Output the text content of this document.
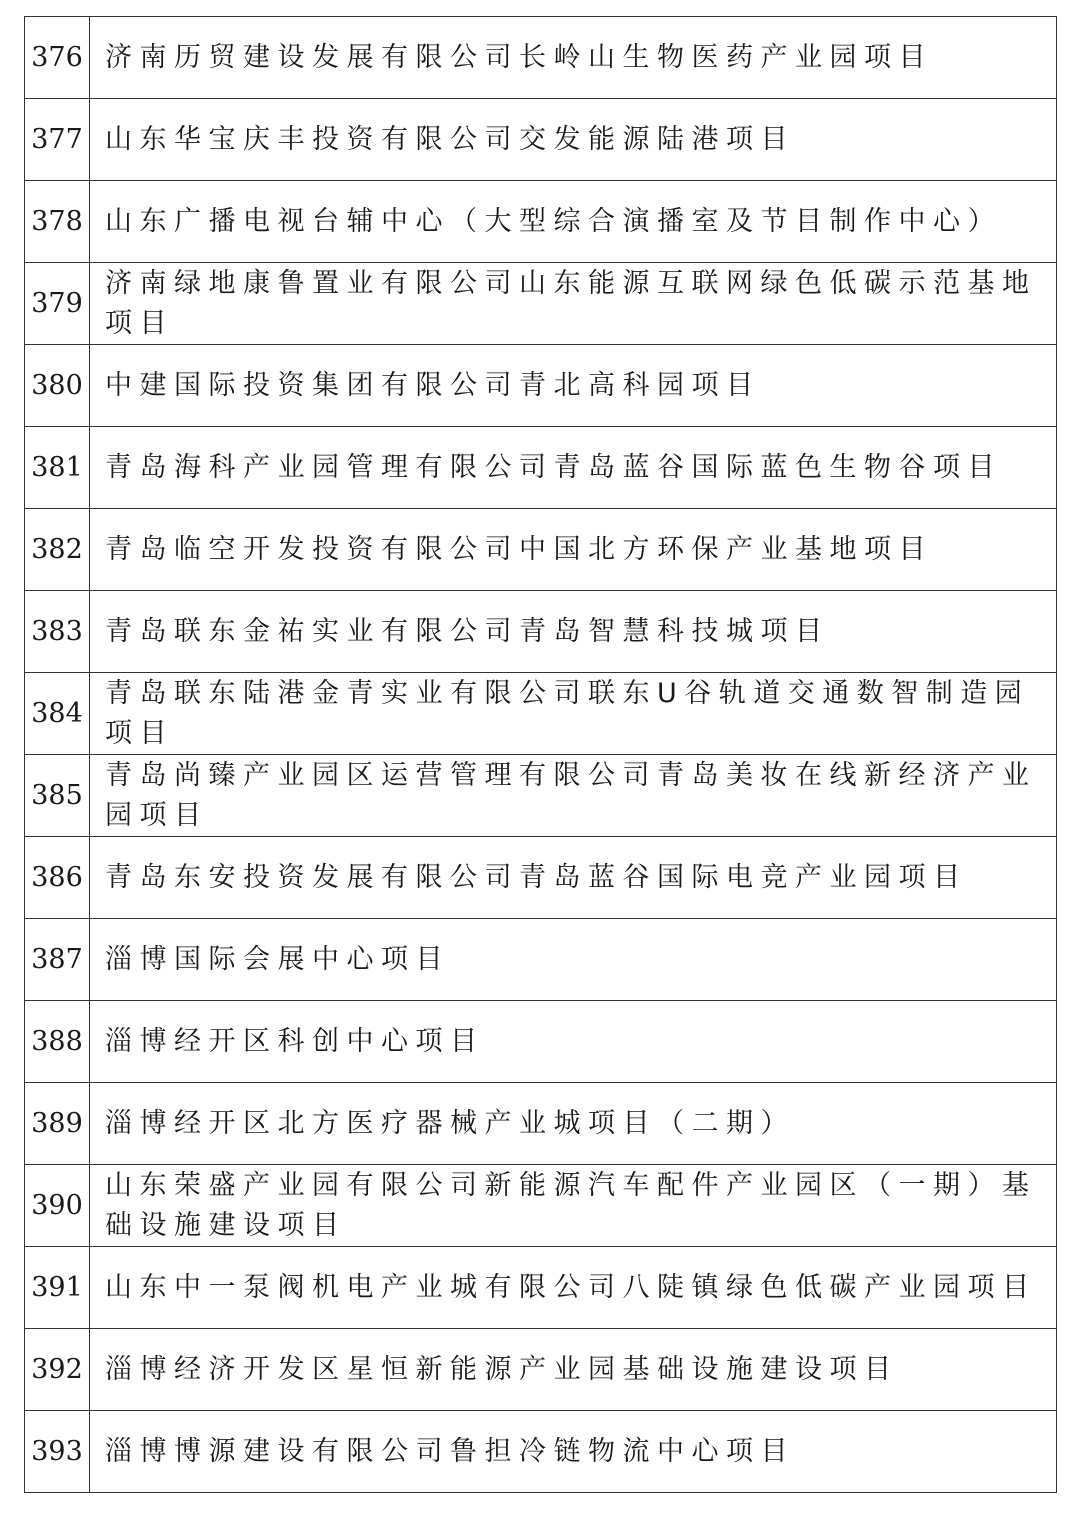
376 济南历贸建设发展有限公司长岭山生物医药产业园项目
377 山东华宝庆丰投资有限公司交发能源陆港项目
378 山东广播电视台辅中心（大型综合演播室及节目制作中心）
379
济南绿地康鲁置业有限公司山东能源互联网绿色低碳示范基地项目
380 中建国际投资集团有限公司青北高科园项目
381 青岛海科产业园管理有限公司青岛蓝谷国际蓝色生物谷项目
382 青岛临空开发投资有限公司中国北方环保产业基地项目
383 青岛联东金祐实业有限公司青岛智慧科技城项目
384
青岛联东陆港金青实业有限公司联东U谷轨道交通数智制造园项目
385
青岛尚臻产业园区运营管理有限公司青岛美妆在线新经济产业园项目
386 青岛东安投资发展有限公司青岛蓝谷国际电竞产业园项目
387 淄博国际会展中心项目
388 淄博经开区科创中心项目
389 淄博经开区北方医疗器械产业城项目（二期）
390
山东荣盛产业园有限公司新能源汽车配件产业园区（一期）基础设施建设项目
391 山东中一泵阀机电产业城有限公司八陡镇绿色低碳产业园项目
392 淄博经济开发区星恒新能源产业园基础设施建设项目
393 淄博博源建设有限公司鲁担冷链物流中心项目
